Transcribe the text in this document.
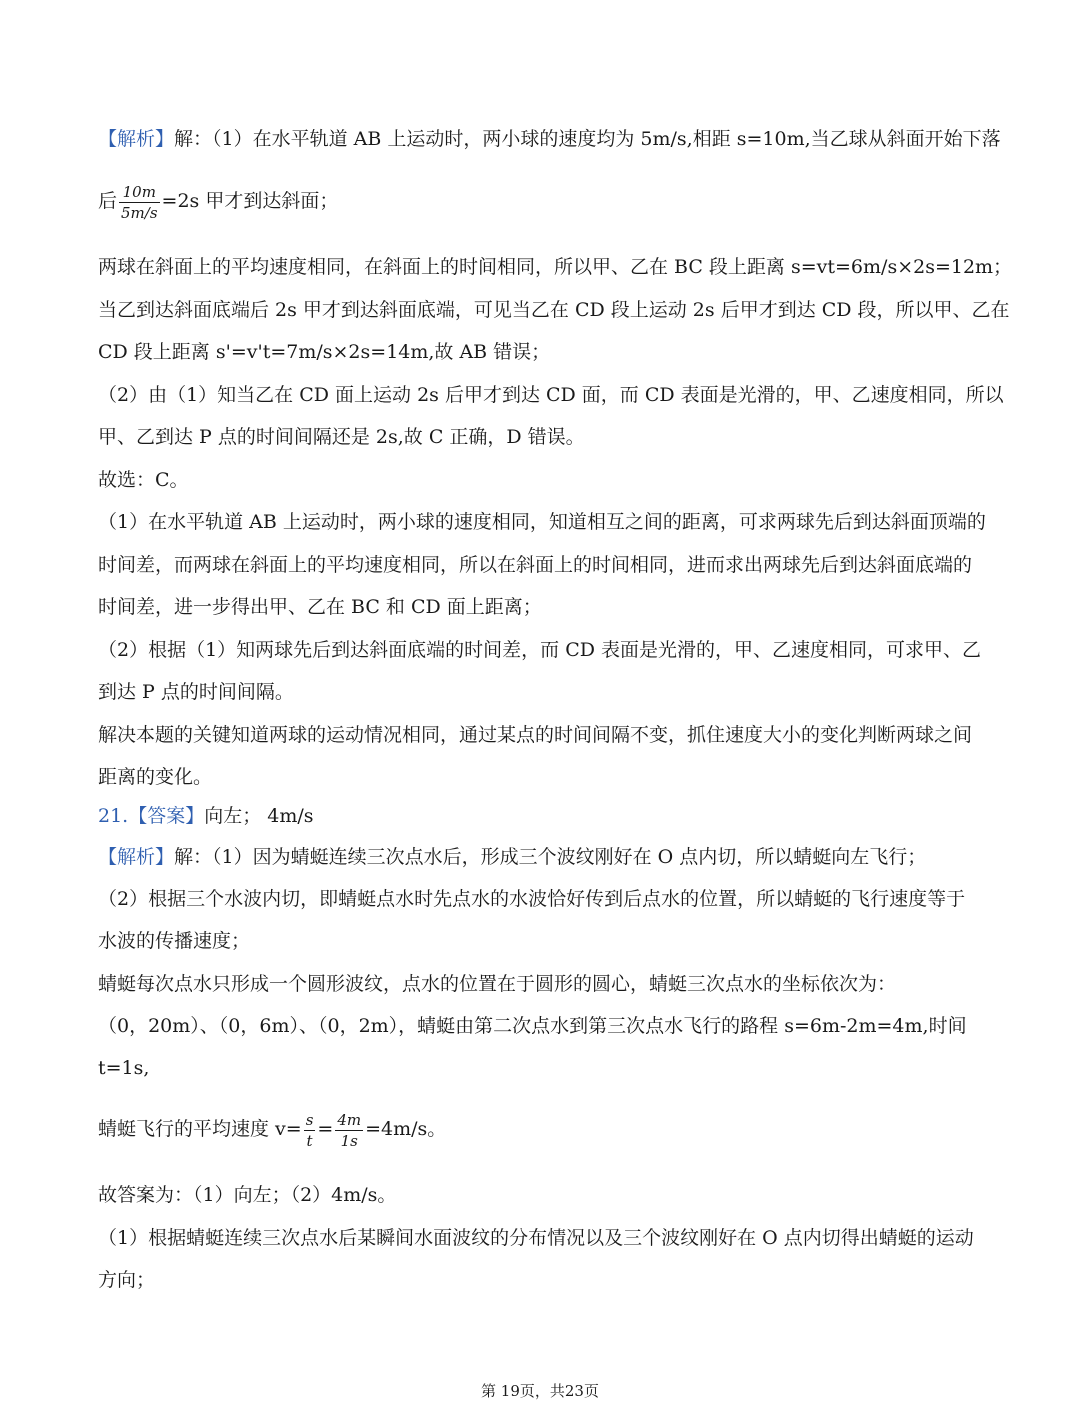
【解析】解：（1）在水平轨道 AB 上运动时，两小球的速度均为 5m/s,相距 s=10m,当乙球从斜面开始下落
后 $\frac{10m}{5m/s} =2s$ 甲才到达斜面；
两球在斜面上的平均速度相同，在斜面上的时间相同，所以甲、乙在 BC 段上距离 s=vt=6m/s×2s=12m；
当乙到达斜面底端后 2s 甲才到达斜面底端，可见当乙在 CD 段上运动 2s 后甲才到达 CD 段，所以甲、乙在
CD 段上距离 s'=v't=7m/s×2s=14m,故 AB 错误；
（2）由（1）知当乙在 CD 面上运动 2s 后甲才到达 CD 面，而 CD 表面是光滑的，甲、乙速度相同，所以
甲、乙到达 P 点的时间间隔还是 2s,故 C 正确，D 错误。
故选：C。
（1）在水平轨道 AB 上运动时，两小球的速度相同，知道相互之间的距离，可求两球先后到达斜面顶端的
时间差，而两球在斜面上的平均速度相同，所以在斜面上的时间相同，进而求出两球先后到达斜面底端的
时间差，进一步得出甲、乙在 BC 和 CD 面上距离；
（2）根据（1）知两球先后到达斜面底端的时间差，而 CD 表面是光滑的，甲、乙速度相同，可求甲、乙
到达 P 点的时间间隔。
解决本题的关键知道两球的运动情况相同，通过某点的时间间隔不变，抓住速度大小的变化判断两球之间
距离的变化。
21.【答案】向左； 4m/s
【解析】解：（1）因为蜻蜓连续三次点水后，形成三个波纹刚好在 O 点内切，所以蜻蜓向左飞行；
（2）根据三个水波内切，即蜻蜓点水时先点水的水波恰好传到后点水的位置，所以蜻蜓的飞行速度等于
水波的传播速度；
蜻蜓每次点水只形成一个圆形波纹，点水的位置在于圆形的圆心，蜻蜓三次点水的坐标依次为：
（0，20m）、（0，6m）、（0，2m），蜻蜓由第二次点水到第三次点水飞行的路程 s=6m-2m=4m,时间
t=1s,
蜻蜓飞行的平均速度 $v= \frac{s}{t} = \frac{4m}{1s} =4m/s$。
故答案为：（1）向左；（2）4m/s。
（1）根据蜻蜓连续三次点水后某瞬间水面波纹的分布情况以及三个波纹刚好在 O 点内切得出蜻蜓的运动
方向；
第 19页，共23页
